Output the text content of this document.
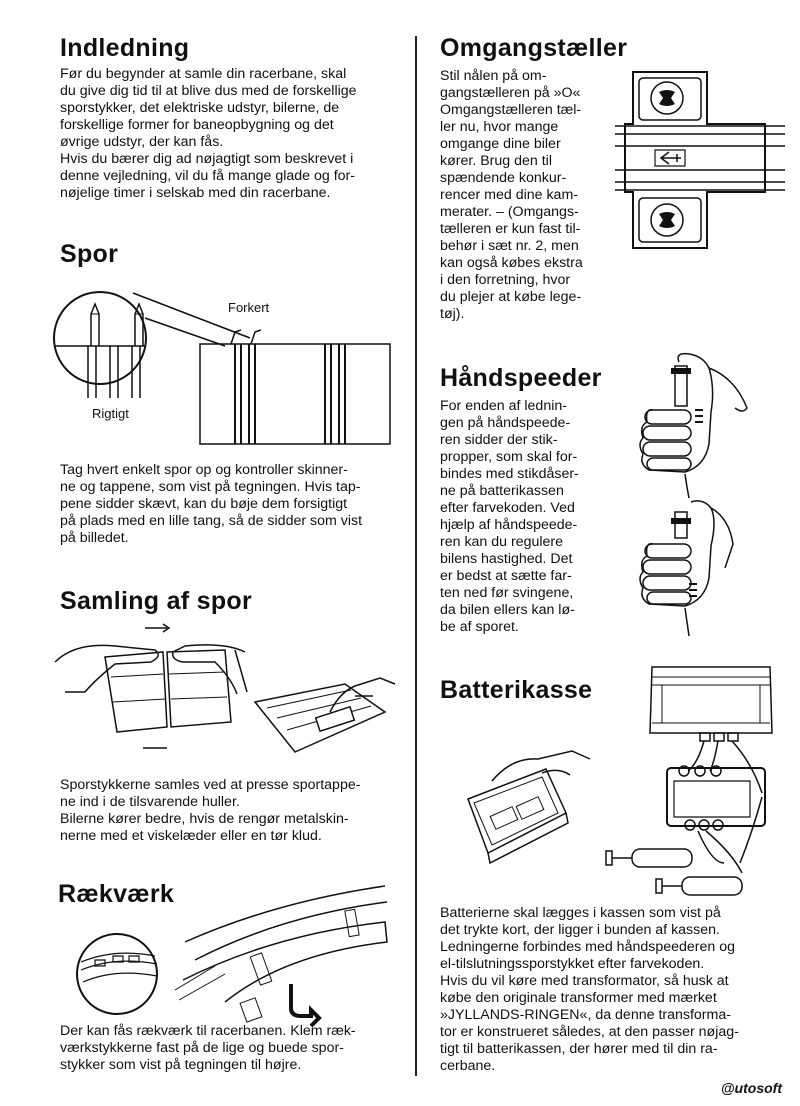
Indledning
Før du begynder at samle din racerbane, skal
du give dig tid til at blive dus med de forskellige
sporstykker, det elektriske udstyr, bilerne, de
forskellige former for baneopbygning og det
øvrige udstyr, der kan fås.
Hvis du bærer dig ad nøjagtigt som beskrevet i
denne vejledning, vil du få mange glade og for-
nøjelige timer i selskab med din racerbane.
Spor
Forkert
Rigtigt
Tag hvert enkelt spor op og kontroller skinner-
ne og tappene, som vist på tegningen. Hvis tap-
pene sidder skævt, kan du bøje dem forsigtigt
på plads med en lille tang, så de sidder som vist
på billedet.
Samling af spor
Sporstykkerne samles ved at presse sportappe-
ne ind i de tilsvarende huller.
Bilerne kører bedre, hvis de rengør metalskin-
nerne med et viskelæder eller en tør klud.
Rækværk
Der kan fås rækværk til racerbanen. Klem ræk-
værkstykkerne fast på de lige og buede spor-
stykker som vist på tegningen til højre.
Omgangstæller
Stil nålen på om-
gangstælleren på »O«
Omgangstælleren tæl-
ler nu, hvor mange
omgange dine biler
kører. Brug den til
spændende konkur-
rencer med dine kam-
merater. – (Omgangs-
tælleren er kun fast til-
behør i sæt nr. 2, men
kan også købes ekstra
i den forretning, hvor
du plejer at købe lege-
tøj).
Håndspeeder
For enden af lednin-
gen på håndspeede-
ren sidder der stik-
propper, som skal for-
bindes med stikdåser-
ne på batterikassen
efter farvekoden. Ved
hjælp af håndspeede-
ren kan du regulere
bilens hastighed. Det
er bedst at sætte far-
ten ned før svingene,
da bilen ellers kan lø-
be af sporet.
Batterikasse
Batterierne skal lægges i kassen som vist på
det trykte kort, der ligger i bunden af kassen.
Ledningerne forbindes med håndspeederen og
el-tilslutningssporstykket efter farvekoden.
Hvis du vil køre med transformator, så husk at
købe den originale transformer med mærket
»JYLLANDS-RINGEN«, da denne transforma-
tor er konstrueret således, at den passer nøjag-
tigt til batterikassen, der hører med til din ra-
cerbane.
@utosoft
